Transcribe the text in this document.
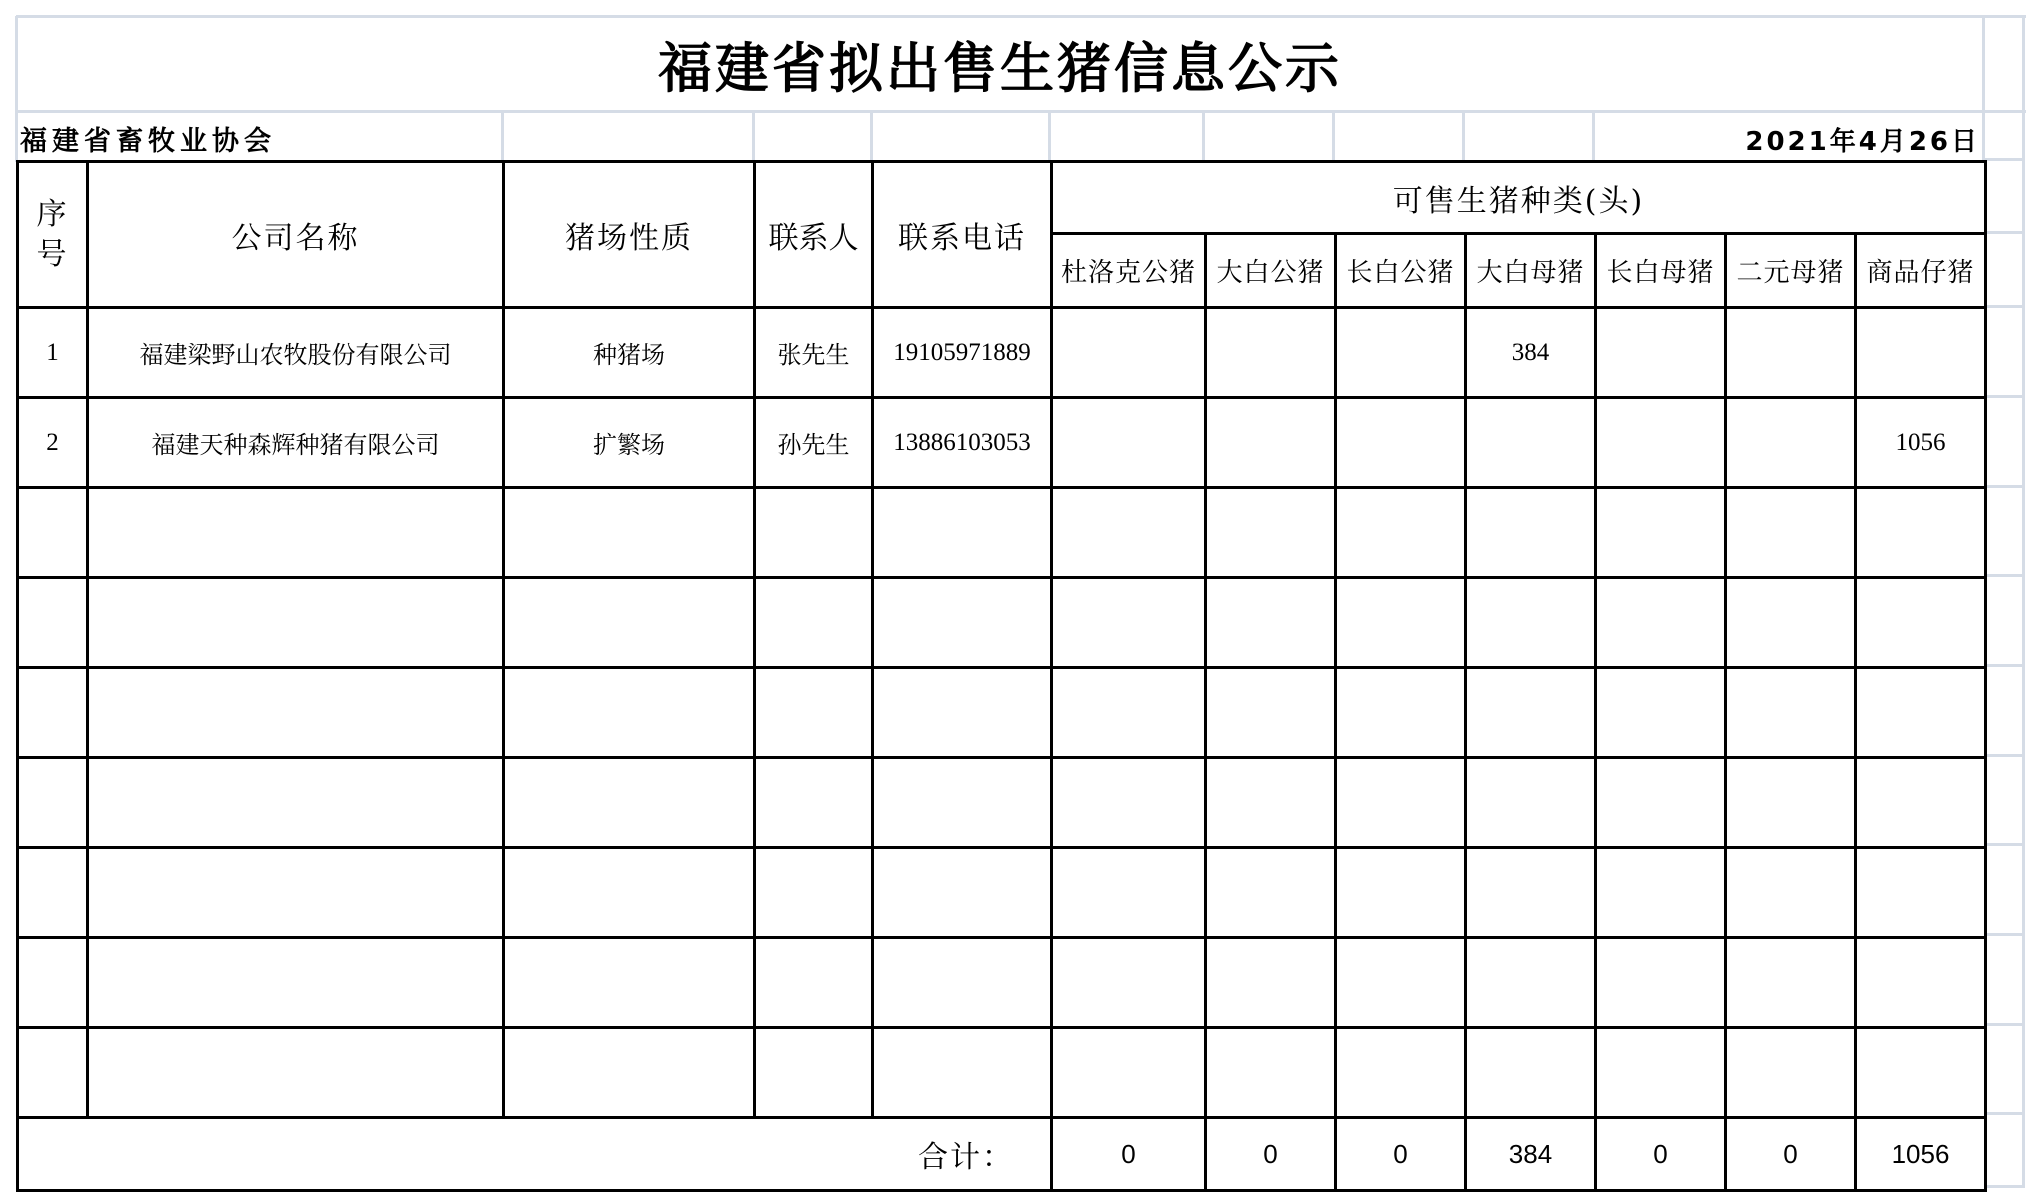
福建省拟出售生猪信息公示
福建省畜牧业协会	2021年4月26日
序号	公司名称	猪场性质	联系人	联系电话	可售生猪种类(头)						
					杜洛克公猪	大白公猪	长白公猪	大白母猪	长白母猪	二元母猪	商品仔猪
1	福建梁野山农牧股份有限公司	种猪场	张先生	19105971889				384			
2	福建天种森辉种猪有限公司	扩繁场	孙先生	13886103053							1056

合计：					0	0	0	384	0	0	1056
